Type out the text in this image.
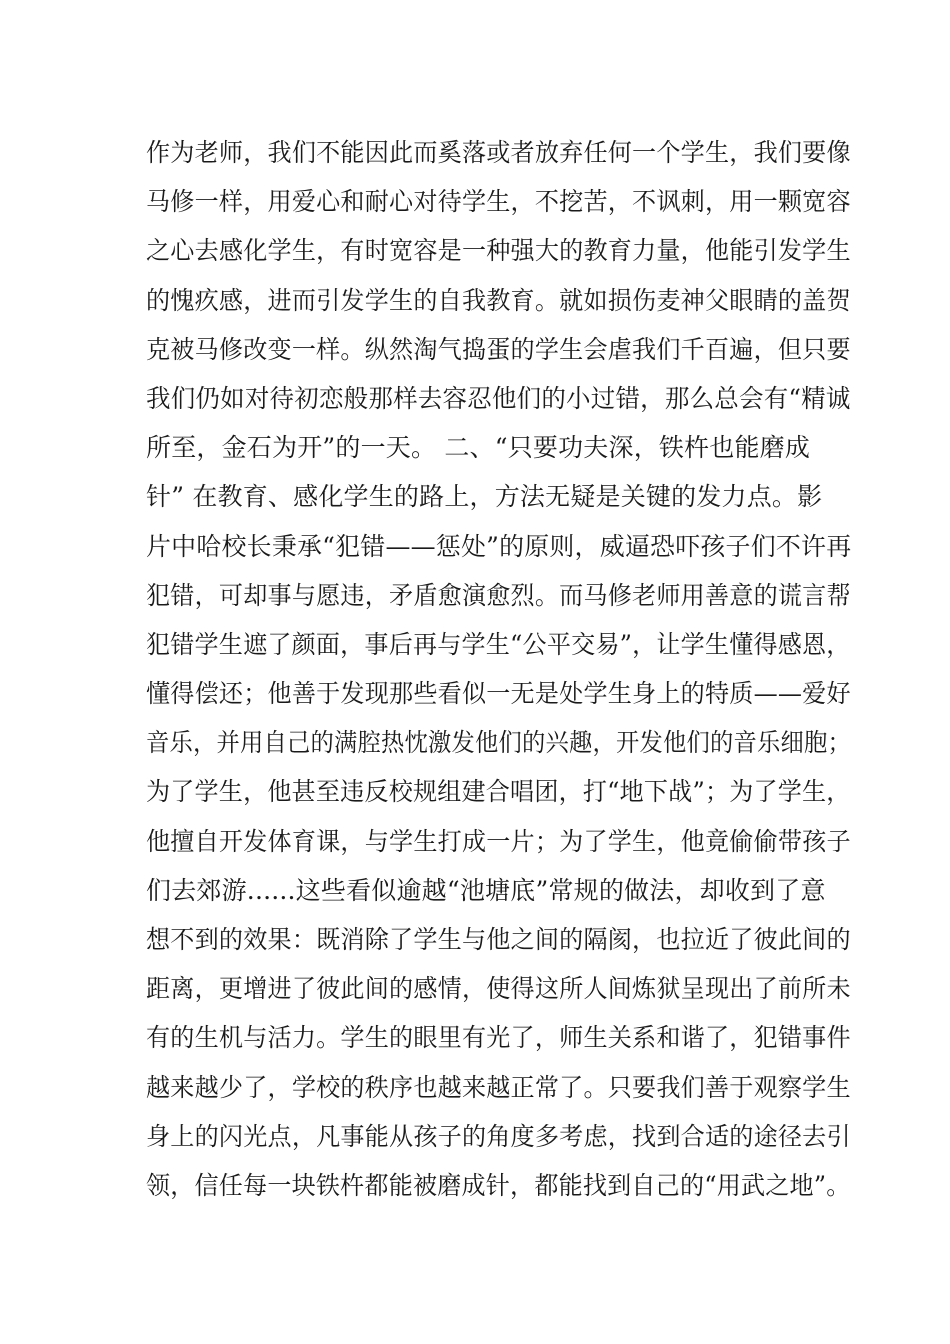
作为老师，我们不能因此而奚落或者放弃任何一个学生，我们要像
马修一样，用爱心和耐心对待学生，不挖苦，不讽刺，用一颗宽容
之心去感化学生，有时宽容是一种强大的教育力量，他能引发学生
的愧疚感，进而引发学生的自我教育。就如损伤麦神父眼睛的盖贺
克被马修改变一样。纵然淘气捣蛋的学生会虐我们千百遍，但只要
我们仍如对待初恋般那样去容忍他们的小过错，那么总会有“精诚
所至，金石为开”的一天。 二、“只要功夫深，铁杵也能磨成
针” 在教育、感化学生的路上，方法无疑是关键的发力点。影
片中哈校长秉承“犯错——惩处”的原则，威逼恐吓孩子们不许再
犯错，可却事与愿违，矛盾愈演愈烈。而马修老师用善意的谎言帮
犯错学生遮了颜面，事后再与学生“公平交易”，让学生懂得感恩，
懂得偿还；他善于发现那些看似一无是处学生身上的特质——爱好
音乐，并用自己的满腔热忱激发他们的兴趣，开发他们的音乐细胞；
为了学生，他甚至违反校规组建合唱团，打“地下战”；为了学生，
他擅自开发体育课，与学生打成一片；为了学生，他竟偷偷带孩子
们去郊游......这些看似逾越“池塘底”常规的做法，却收到了意
想不到的效果：既消除了学生与他之间的隔阂，也拉近了彼此间的
距离，更增进了彼此间的感情，使得这所人间炼狱呈现出了前所未
有的生机与活力。学生的眼里有光了，师生关系和谐了，犯错事件
越来越少了，学校的秩序也越来越正常了。只要我们善于观察学生
身上的闪光点，凡事能从孩子的角度多考虑，找到合适的途径去引
领，信任每一块铁杵都能被磨成针，都能找到自己的“用武之地”。
